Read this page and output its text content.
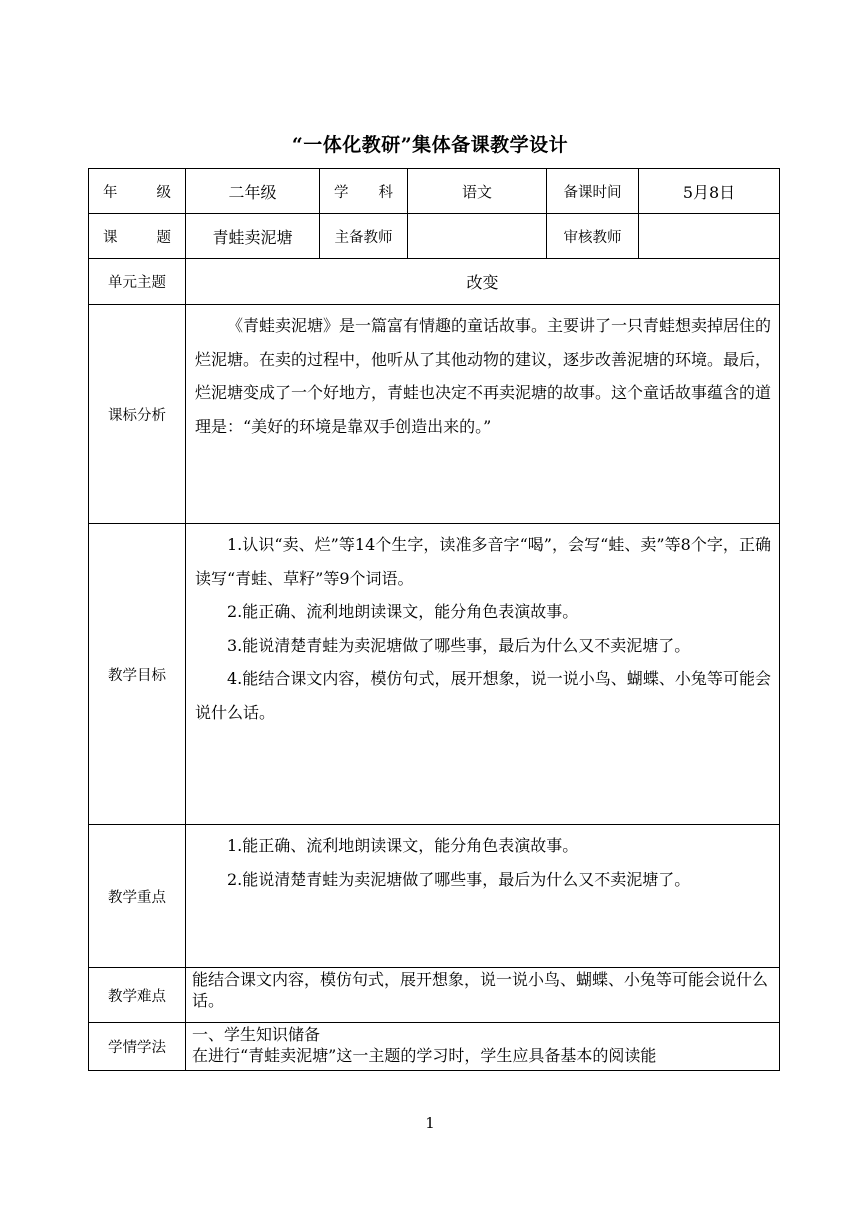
“一体化教研”集体备课教学设计
年 级	二年级	学 科	语文	备课时间	5月8日

课 题	青蛙卖泥塘	主备教师		审核教师	
单元主题	改变				
课标分析	《青蛙卖泥塘》是一篇富有情趣的童话故事。主要讲了一只青蛙想卖掉居住的烂泥塘。在卖的过程中，他听从了其他动物的建议，逐步改善泥塘的环境。最后，烂泥塘变成了一个好地方，青蛙也决定不再卖泥塘的故事。这个童话故事蕴含的道理是：“美好的环境是靠双手创造出来的。”				

教学目标	1.认识“卖、烂”等14个生字，读准多音字“喝”，会写“蛙、卖”等8个字，正确读写“青蛙、草籽”等9个词语。

2.能正确、流利地朗读课文，能分角色表演故事。

3.能说清楚青蛙为卖泥塘做了哪些事，最后为什么又不卖泥塘了。

4.能结合课文内容，模仿句式，展开想象，说一说小鸟、蝴蝶、小兔等可能会说什么话。				

教学重点	1.能正确、流利地朗读课文，能分角色表演故事。

2.能说清楚青蛙为卖泥塘做了哪些事，最后为什么又不卖泥塘了。				

教学难点	能结合课文内容，模仿句式，展开想象，说一说小鸟、蝴蝶、小兔等可能会说什么话。				

学情学法	一、学生知识储备

在进行“青蛙卖泥塘”这一主题的学习时，学生应具备基本的阅读能				

1
